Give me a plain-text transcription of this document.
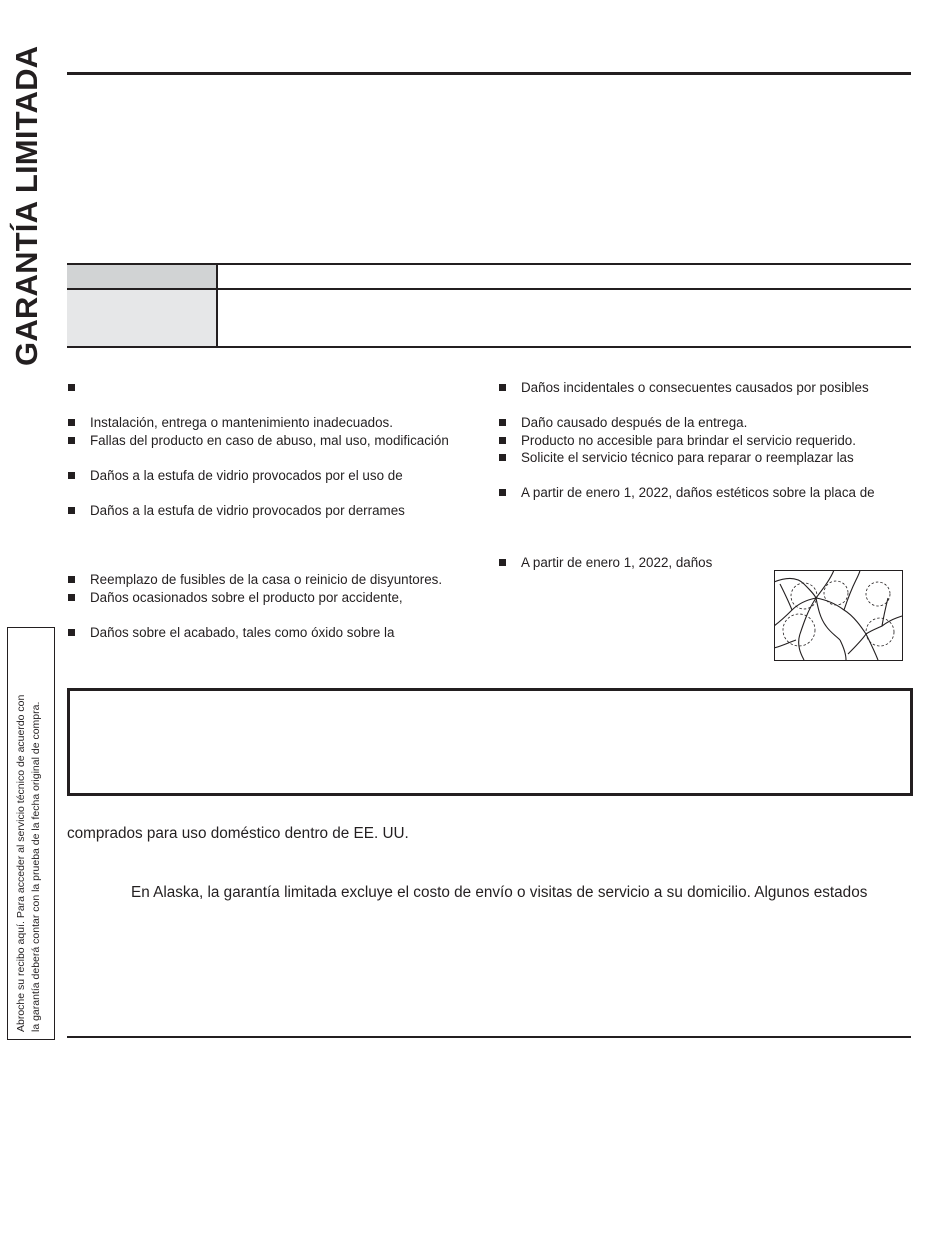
GARANTÍA LIMITADA
Instalación, entrega o mantenimiento inadecuados.
Fallas del producto en caso de abuso, mal uso, modificación
Daños a la estufa de vidrio provocados por el uso de
Daños a la estufa de vidrio provocados por derrames
Reemplazo de fusibles de la casa o reinicio de disyuntores.
Daños ocasionados sobre el producto por accidente,
Daños sobre el acabado, tales como óxido sobre la
Daños incidentales o consecuentes causados por posibles
Daño causado después de la entrega.
Producto no accesible para brindar el servicio requerido.
Solicite el servicio técnico para reparar o reemplazar las
A partir de enero 1, 2022, daños estéticos sobre la placa de
A partir de enero 1, 2022, daños
comprados para uso doméstico dentro de EE. UU.
En Alaska, la garantía limitada excluye el costo de envío o visitas de servicio a su domicilio. Algunos estados
Abroche su recibo aquí. Para acceder al servicio técnico de acuerdo con la garantía deberá contar con la prueba de la fecha original de compra.
